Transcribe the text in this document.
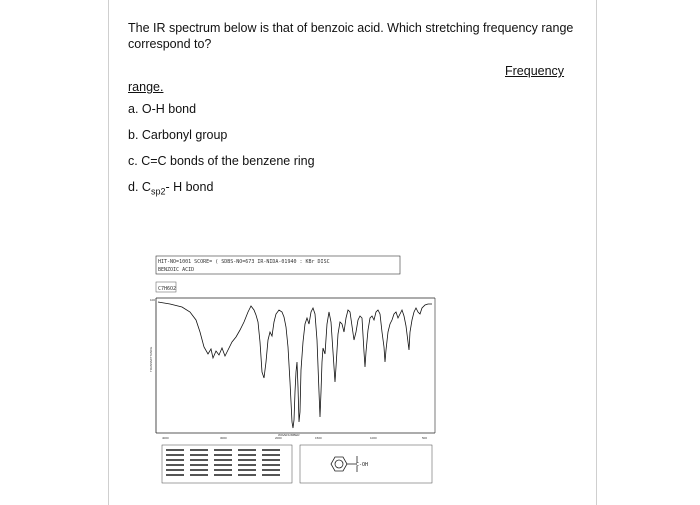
The IR spectrum below is that of benzoic acid. Which stretching frequency range correspond to?
Frequency
range.
a. O-H bond
b. Carbonyl group
c. C=C bonds of the benzene ring
d. $C_{sp2}-$ H bond
HIT-NO=1001 SCORE= ( SDBS-NO=673 IR-NIDA-01940 : KBr DISC
BENZOIC ACID
C7H6O2
100
TRANSMITTANCE
4000	3000	2000	1500	1000	500
WAVENUMBER
C-OH
